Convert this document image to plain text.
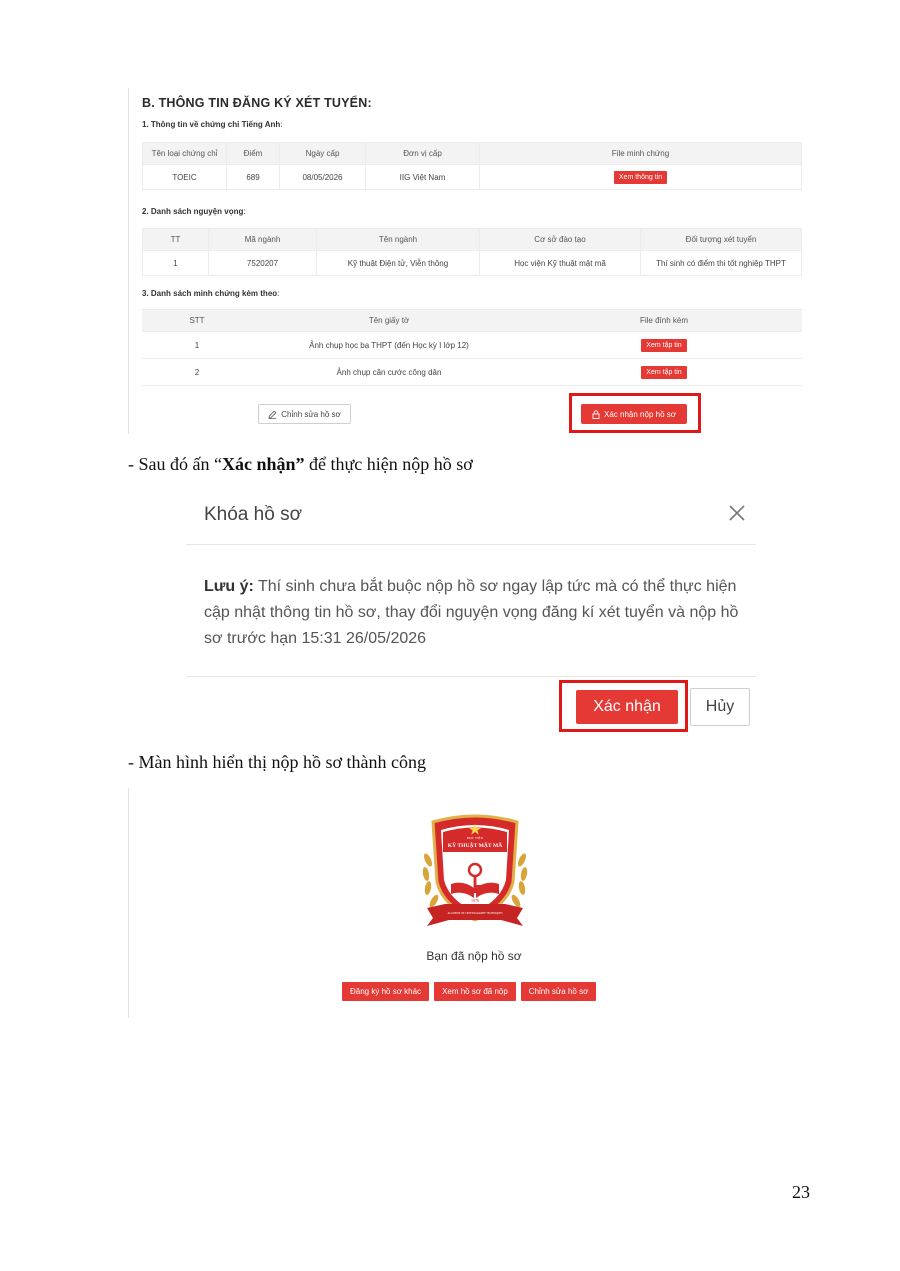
B. THÔNG TIN ĐĂNG KÝ XÉT TUYỂN:
1. Thông tin về chứng chỉ Tiếng Anh:
Tên loại chứng chỉ	Điểm	Ngày cấp	Đơn vị cấp	File minh chứng
TOEIC	689	08/05/2026	IIG Việt Nam	Xem thông tin
2. Danh sách nguyện vọng:
TT	Mã ngành	Tên ngành	Cơ sở đào tạo	Đối tượng xét tuyển
1	7520207	Kỹ thuật Điện tử, Viễn thông	Học viện Kỹ thuật mật mã	Thí sinh có điểm thi tốt nghiệp THPT
3. Danh sách minh chứng kèm theo:
STT	Tên giấy tờ	File đính kèm
1	Ảnh chụp học bạ THPT (đến Học kỳ I lớp 12)	Xem tập tin
2	Ảnh chụp căn cước công dân	Xem tập tin
Chỉnh sửa hồ sơ	Xác nhận nộp hồ sơ
- Sau đó ấn “Xác nhận” để thực hiện nộp hồ sơ
Khóa hồ sơ
Lưu ý: Thí sinh chưa bắt buộc nộp hồ sơ ngay lập tức mà có thể thực hiện cập nhật thông tin hồ sơ, thay đổi nguyện vọng đăng kí xét tuyển và nộp hồ sơ trước hạn 15:31 26/05/2026
Xác nhận	Hủy
- Màn hình hiển thị nộp hồ sơ thành công
HỌC VIỆN
KỸ THUẬT MẬT MÃ
1976
ACADEMY OF CRYPTOGRAPHY TECHNIQUES
Bạn đã nộp hồ sơ
Đăng ký hồ sơ khác	Xem hồ sơ đã nộp	Chỉnh sửa hồ sơ
23
